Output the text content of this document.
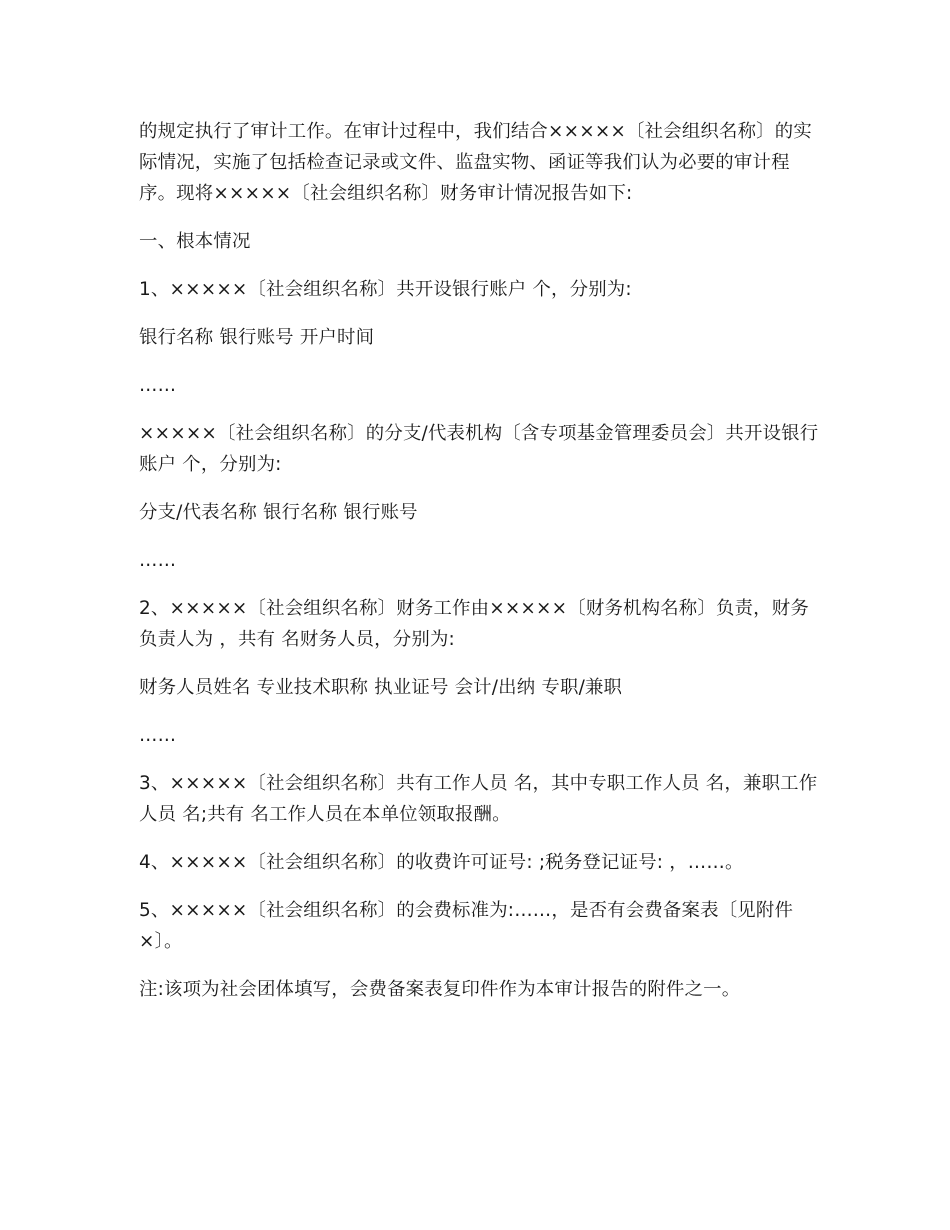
的规定执行了审计工作。在审计过程中，我们结合×××××〔社会组织名称〕的实际情况，实施了包括检查记录或文件、监盘实物、函证等我们认为必要的审计程序。现将×××××〔社会组织名称〕财务审计情况报告如下:

一、根本情况

1、×××××〔社会组织名称〕共开设银行账户 个，分别为:

银行名称 银行账号 开户时间

……

×××××〔社会组织名称〕的分支/代表机构〔含专项基金管理委员会〕共开设银行账户 个，分别为:

分支/代表名称 银行名称 银行账号

……

2、×××××〔社会组织名称〕财务工作由×××××〔财务机构名称〕负责，财务负责人为 ，共有 名财务人员，分别为:

财务人员姓名 专业技术职称 执业证号 会计/出纳 专职/兼职

……

3、×××××〔社会组织名称〕共有工作人员 名，其中专职工作人员 名，兼职工作人员 名;共有 名工作人员在本单位领取报酬。

4、×××××〔社会组织名称〕的收费许可证号: ;税务登记证号: ，……。

5、×××××〔社会组织名称〕的会费标准为:……，是否有会费备案表〔见附件×〕。

注:该项为社会团体填写，会费备案表复印件作为本审计报告的附件之一。
